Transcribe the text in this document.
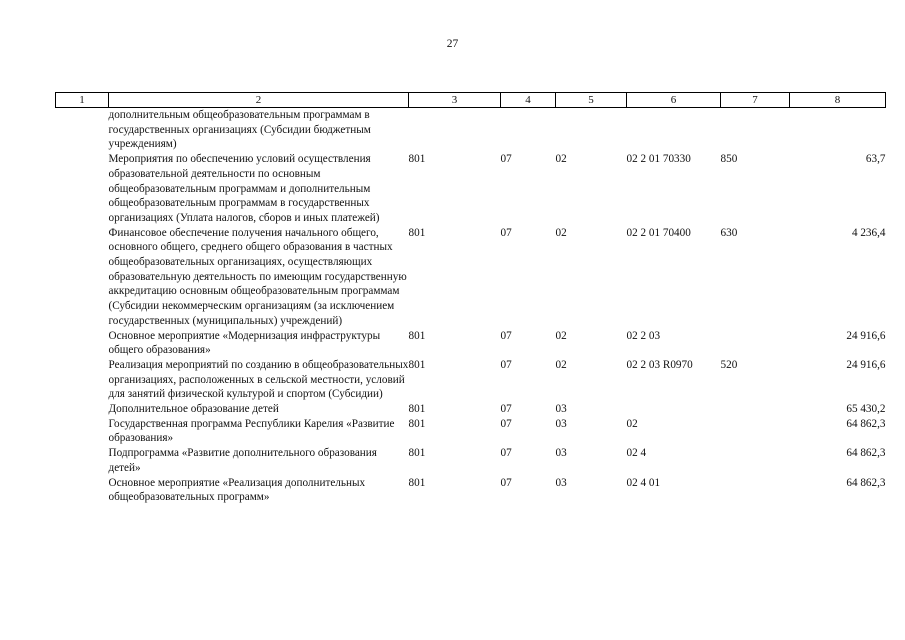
27
1	2	3	4	5	6	7	8
	дополнительным общеобразовательным программам в государственных организациях (Субсидии бюджетным учреждениям)						
	Мероприятия по обеспечению условий осуществления образовательной деятельности по основным общеобразовательным программам и дополнительным общеобразовательным программам в государственных организациях (Уплата налогов, сборов и иных платежей)	801	07	02	02 2 01 70330	850	63,7
	Финансовое обеспечение получения начального общего, основного общего, среднего общего образования в частных общеобразовательных организациях, осуществляющих образовательную деятельность по имеющим государственную аккредитацию основным общеобразовательным программам (Субсидии некоммерческим организациям (за исключением государственных (муниципальных) учреждений)	801	07	02	02 2 01 70400	630	4 236,4
	Основное мероприятие «Модернизация инфраструктуры общего образования»	801	07	02	02 2 03		24 916,6
	Реализация мероприятий по созданию в общеобразовательных организациях, расположенных в сельской местности, условий для занятий физической культурой и спортом (Субсидии)	801	07	02	02 2 03 R0970	520	24 916,6
	Дополнительное образование детей	801	07	03			65 430,2
	Государственная программа Республики Карелия «Развитие образования»	801	07	03	02		64 862,3
	Подпрограмма «Развитие дополнительного образования детей»	801	07	03	02 4		64 862,3
	Основное мероприятие «Реализация дополнительных общеобразовательных программ»	801	07	03	02 4 01		64 862,3
